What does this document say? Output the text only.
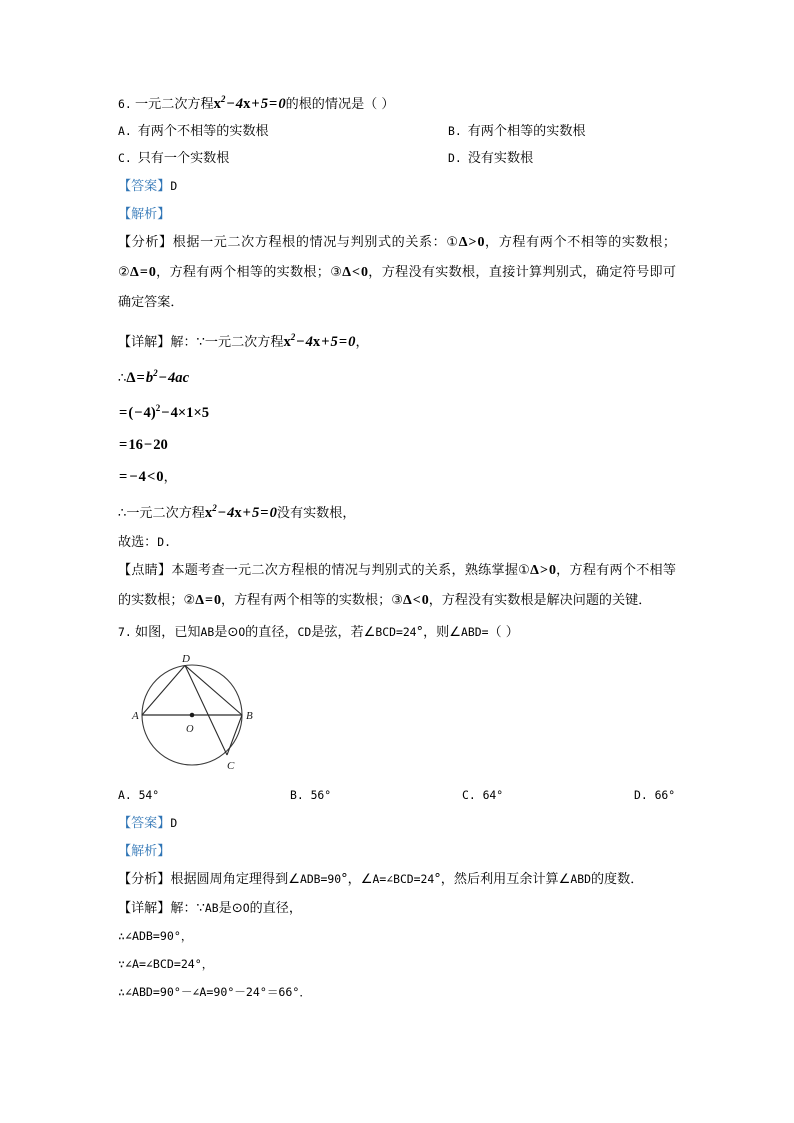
6. 一元二次方程$x^2-4x+5=0$的根的情况是（ ）
A. 有两个不相等的实数根	B. 有两个相等的实数根
C. 只有一个实数根	D. 没有实数根
【答案】D
【解析】
【分析】根据一元二次方程根的情况与判别式的关系：①Δ>0，方程有两个不相等的实数根；②Δ=0，方程有两个相等的实数根；③Δ<0，方程没有实数根，直接计算判别式，确定符号即可确定答案．
【详解】解：∵一元二次方程$x^2-4x+5=0$，
$\therefore\Delta=b^2-4ac$
$=(-4)^2-4\times 1\times 5$
=16−20
= −4<0，
∴一元二次方程$x^2-4x+5=0$没有实数根，
故选：D.
【点睛】本题考查一元二次方程根的情况与判别式的关系，熟练掌握①Δ>0，方程有两个不相等的实数根；②Δ=0，方程有两个相等的实数根；③Δ<0，方程没有实数根是解决问题的关键．
7. 如图，已知AB是⊙O的直径，CD是弦，若∠BCD=24°，则∠ABD=（ ）
A	B
D
C
O
A. 54°	B. 56°	C. 64°	D. 66°
【答案】D
【解析】
【分析】根据圆周角定理得到∠ADB=90°，∠A=∠BCD=24°，然后利用互余计算∠ABD的度数．
【详解】解：∵AB是⊙O的直径，
∴∠ADB=90°，
∵∠A=∠BCD=24°，
∴∠ABD=90°－∠A=90°－24°＝66°．
